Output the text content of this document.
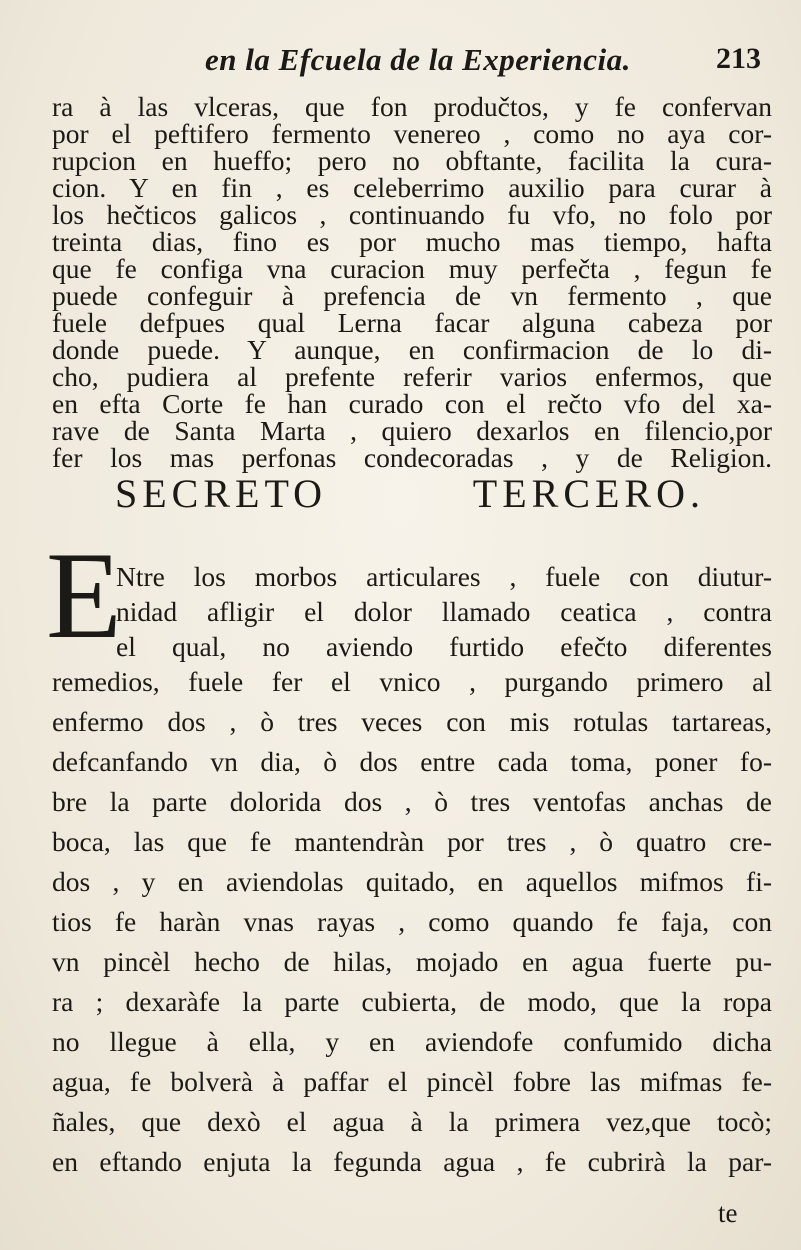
en la Efcuela de la Experiencia.	213
ra à las vlceras, que fon produčtos, y fe confervan
por el peftifero fermento venereo , como no aya cor-
rupcion en hueffo; pero no obftante, facilita la cura-
cion. Y en fin , es celeberrimo auxilio para curar à
los hečticos galicos , continuando fu vfo, no folo por
treinta dias, fino es por mucho mas tiempo, hafta
que fe configa vna curacion muy perfečta , fegun fe
puede confeguir à prefencia de vn fermento , que
fuele defpues qual Lerna facar alguna cabeza por
donde puede. Y aunque, en confirmacion de lo di-
cho, pudiera al prefente referir varios enfermos, que
en efta Corte fe han curado con el rečto vfo del xa-
rave de Santa Marta , quiero dexarlos en filencio,por
fer los mas perfonas condecoradas , y de Religion.
SECRETO TERCERO.
E
Ntre los morbos articulares , fuele con diutur-
nidad afligir el dolor llamado ceatica , contra
el qual, no aviendo furtido efečto diferentes
remedios, fuele fer el vnico , purgando primero al
enfermo dos , ò tres veces con mis rotulas tartareas,
defcanfando vn dia, ò dos entre cada toma, poner fo-
bre la parte dolorida dos , ò tres ventofas anchas de
boca, las que fe mantendràn por tres , ò quatro cre-
dos , y en aviendolas quitado, en aquellos mifmos fi-
tios fe haràn vnas rayas , como quando fe faja, con
vn pincèl hecho de hilas, mojado en agua fuerte pu-
ra ; dexaràfe la parte cubierta, de modo, que la ropa
no llegue à ella, y en aviendofe confumido dicha
agua, fe bolverà à paffar el pincèl fobre las mifmas fe-
ñales, que dexò el agua à la primera vez,que tocò;
en eftando enjuta la fegunda agua , fe cubrirà la par-
te
